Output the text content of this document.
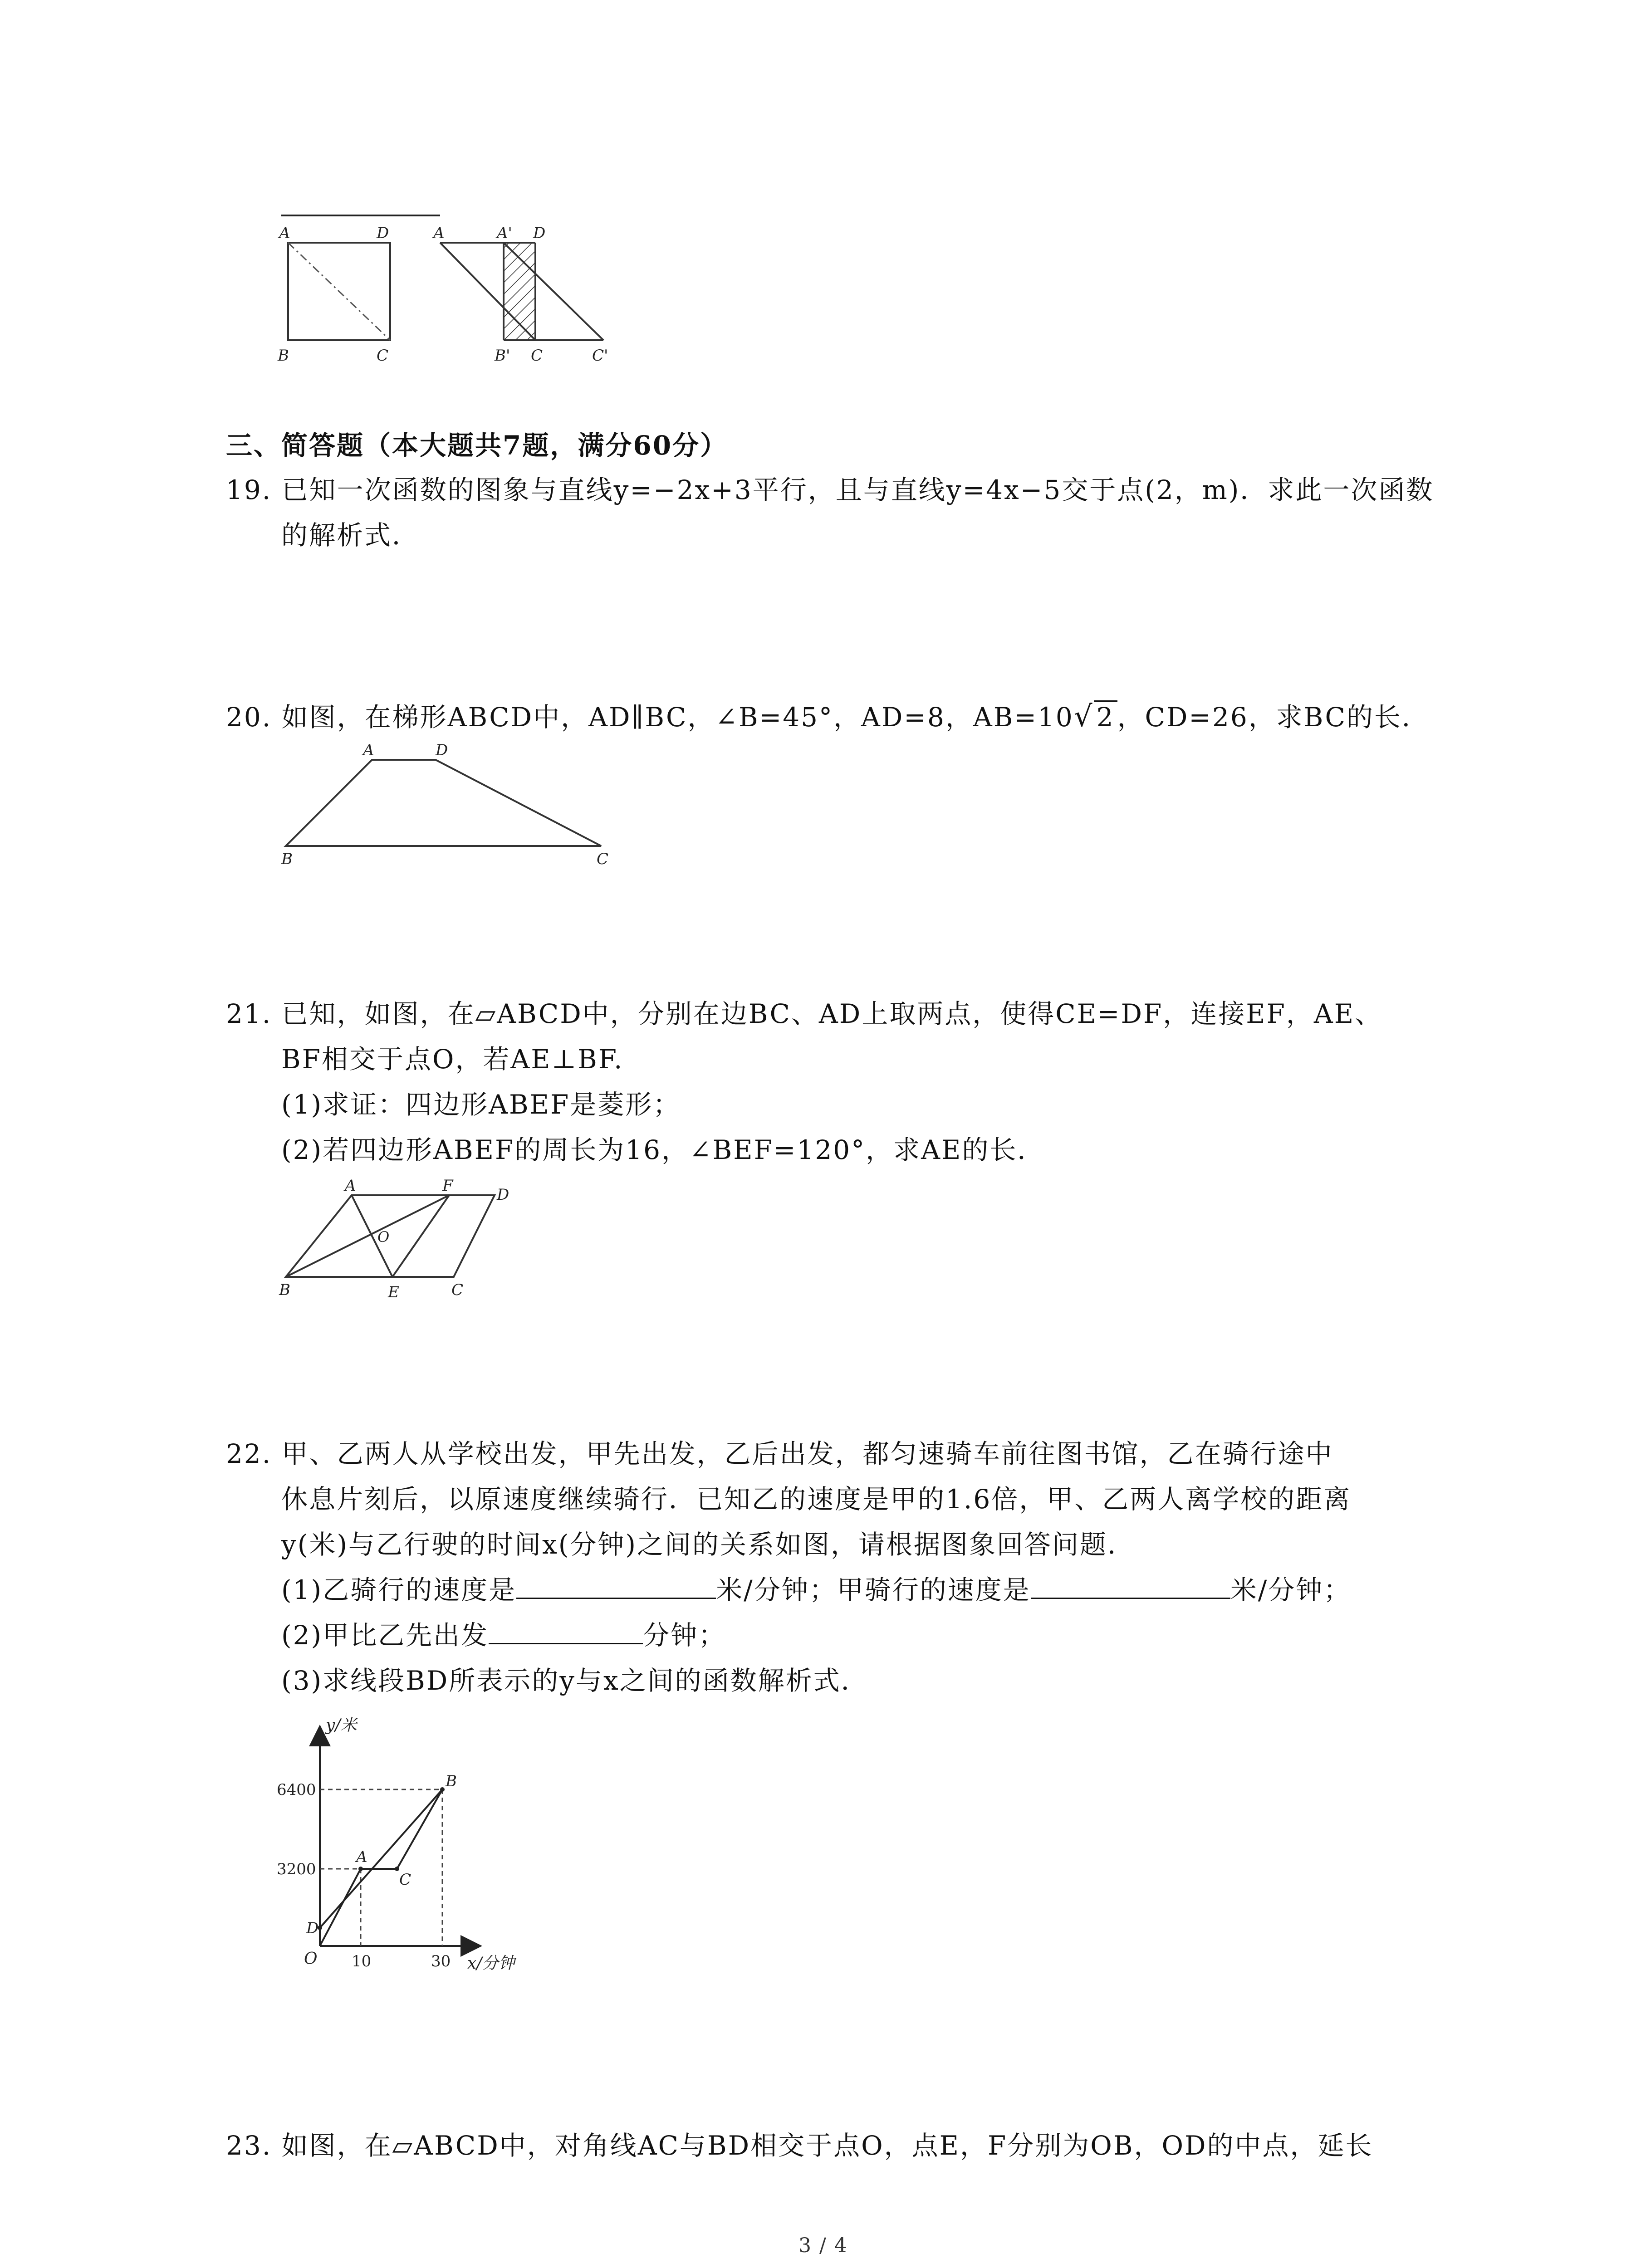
A	D
B	C
A	A' D
B' C	C'
三、简答题（本大题共7题，满分60分）
19. 已知一次函数的图象与直线y=−2x+3平行，且与直线y=4x−5交于点(2，m)．求此一次函数
的解析式．
20. 如图，在梯形ABCD中，AD∥BC，∠B=45°，AD=8，AB=10√ 2 ，CD=26，求BC的长．
A	D
B	C
21. 已知，如图，在▱ABCD中，分别在边BC、AD上取两点，使得CE=DF，连接EF，AE、
BF相交于点O，若AE⊥BF.
(1)求证：四边形ABEF是菱形；
(2)若四边形ABEF的周长为16，∠BEF=120°，求AE的长．
A	F	D
O
B	E	C
22. 甲、乙两人从学校出发，甲先出发，乙后出发，都匀速骑车前往图书馆，乙在骑行途中
休息片刻后，以原速度继续骑行．已知乙的速度是甲的1.6倍，甲、乙两人离学校的距离
y(米)与乙行驶的时间x(分钟)之间的关系如图，请根据图象回答问题．
(1)乙骑行的速度是	米/分钟；甲骑行的速度是	米/分钟；
(2)甲比乙先出发	分钟；
(3)求线段BD所表示的y与x之间的函数解析式．
y/米
x/分钟
6400
3200
10	30
O
A
B
C
D
23. 如图，在▱ABCD中，对角线AC与BD相交于点O，点E，F分别为OB，OD的中点，延长
3 / 4
